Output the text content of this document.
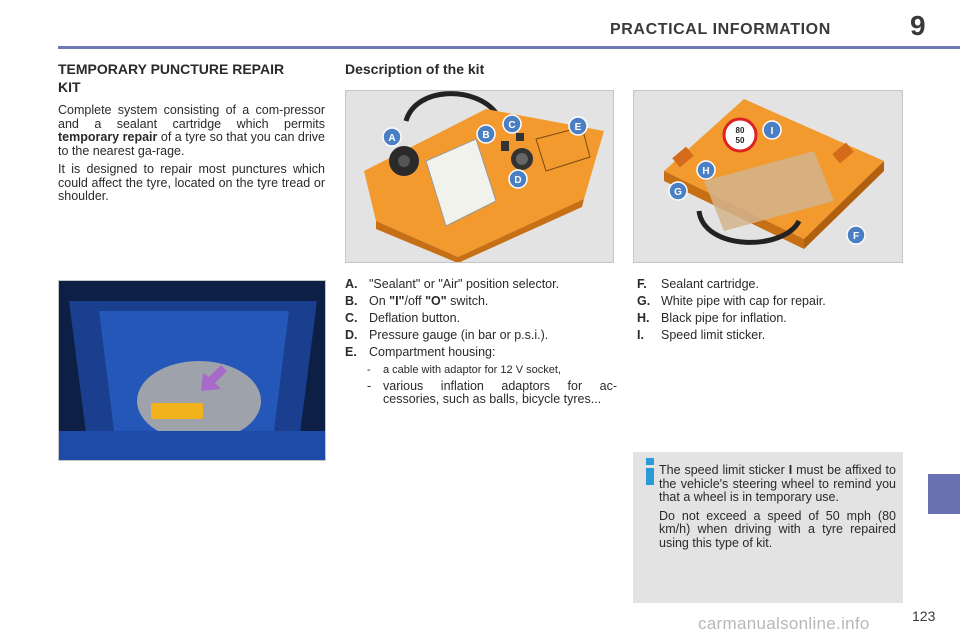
PRACTICAL INFORMATION	9
TEMPORARY PUNCTURE REPAIR KIT

Complete system consisting of a com-pressor and a sealant cartridge which permits temporary repair of a tyre so that you can drive to the nearest ga-rage.

It is designed to repair most punctures which could affect the tyre, located on the tyre tread or shoulder.

Description of the kit
A	B
C
D
E	80
50
F
G
H
I
A. "Sealant" or "Air" position selector.
B. On "I"/off "O" switch.
C. Deflation button.
D. Pressure gauge (in bar or p.s.i.).
E. Compartment housing:
-	a cable with adaptor for 12 V socket,
- various inflation adaptors for ac-cessories, such as balls, bicycle tyres...
F.	Sealant cartridge.
G. White pipe with cap for repair.
H. Black pipe for inflation.
I.	Speed limit sticker.

The speed limit sticker I must be affixed to the vehicle's steering wheel to remind you that a wheel is in temporary use.

Do not exceed a speed of 50 mph (80 km/h) when driving with a tyre repaired using this type of kit.

carmanualsonline.info	123
